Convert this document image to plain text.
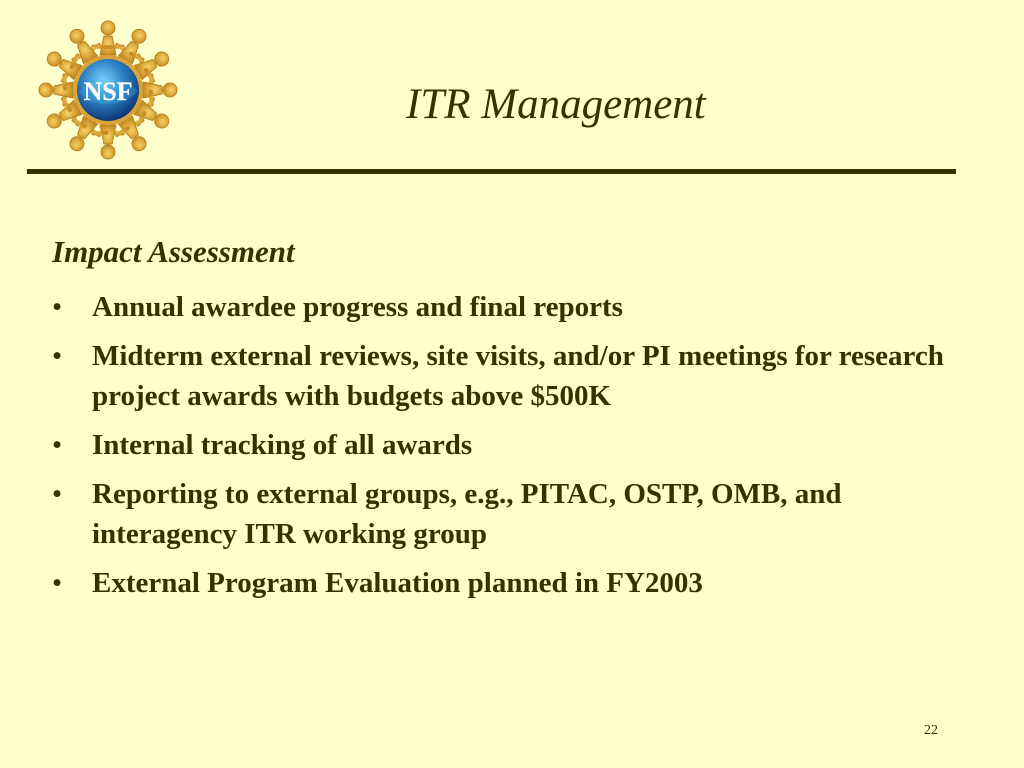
NSF	ITR Management
Impact Assessment
•	Annual awardee progress and final reports
•	Midterm external reviews, site visits, and/or PI meetings for research project awards with budgets above $500K
•	Internal tracking of all awards
•	Reporting to external groups, e.g., PITAC, OSTP, OMB, and interagency ITR working group
•	External Program Evaluation planned in FY2003
22
